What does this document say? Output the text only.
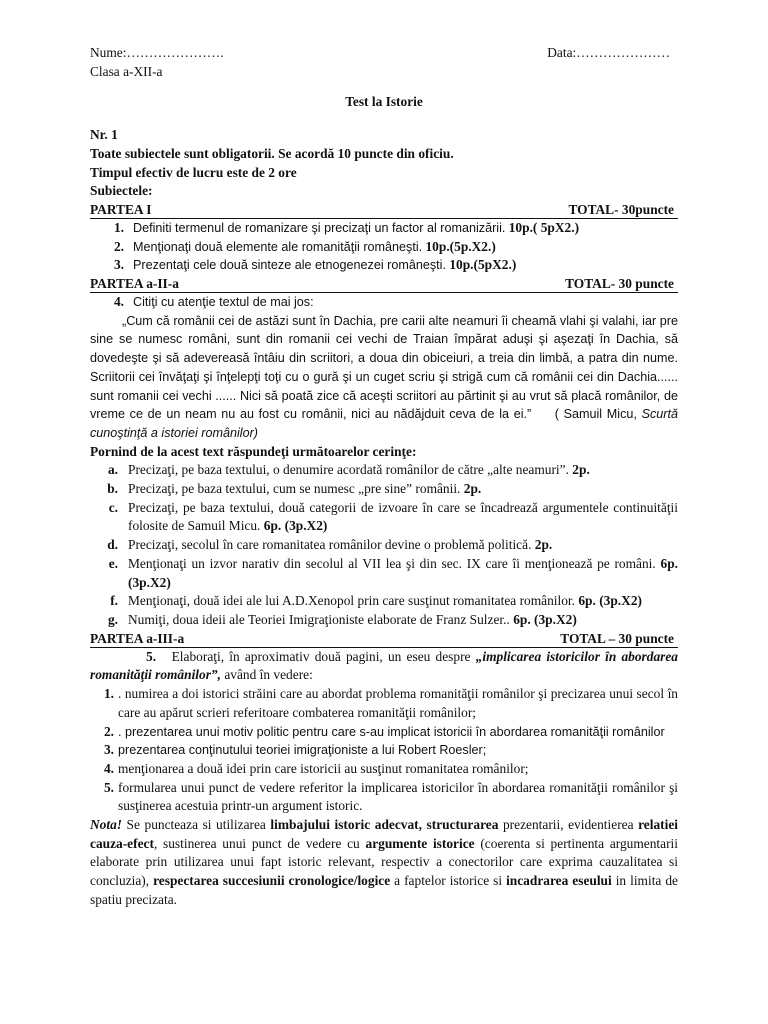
Nume:………………….	Data:…………………
Clasa a-XII-a
Test la Istorie
Nr. 1
Toate subiectele sunt obligatorii. Se acordă 10 puncte din oficiu.
Timpul efectiv de lucru este de 2 ore
Subiectele:
PARTEA I	TOTAL- 30puncte
1. Definiti termenul de romanizare şi precizaţi un factor al romanizării. 10p.( 5pX2.)
2. Menţionaţi două elemente ale romanităţii româneşti. 10p.(5p.X2.)
3. Prezentaţi cele două sinteze ale etnogenezei româneşti. 10p.(5pX2.)
PARTEA a-II-a	TOTAL- 30 puncte
4. Citiţi cu atenţie textul de mai jos:
„Cum că românii cei de astăzi sunt în Dachia, pre carii alte neamuri îi cheamă vlahi şi valahi, iar pre sine se numesc români, sunt din romanii cei vechi de Traian împărat aduşi şi aşezaţi în Dachia, să dovedeşte şi să adevereasă întâiu din scriitori, a doua din obiceiuri, a treia din limbă, a patra din nume. Scriitorii cei învăţaţi şi înţelepţi toţi cu o gură şi un cuget scriu şi strigă cum că românii cei din Dachia...... sunt romanii cei vechi ...... Nici să poată zice că aceşti scriitori au părtinit şi au vrut să placă românilor, de vreme ce de un neam nu au fost cu românii, nici au nădăjduit ceva de la ei.” ( Samuil Micu, Scurtă cunoştinţă a istoriei românilor)
Pornind de la acest text răspundeţi următoarelor cerinţe:
a. Precizaţi, pe baza textului, o denumire acordată românilor de către „alte neamuri”. 2p.
b. Precizaţi, pe baza textului, cum se numesc „pre sine” românii. 2p.
c. Precizaţi, pe baza textului, două categorii de izvoare în care se încadrează argumentele continuităţii folosite de Samuil Micu. 6p. (3p.X2)
d. Precizaţi, secolul în care romanitatea românilor devine o problemă politică. 2p.
e. Menţionaţi un izvor narativ din secolul al VII lea şi din sec. IX care îi menţionează pe români. 6p.(3p.X2)
f. Menţionaţi, două idei ale lui A.D.Xenopol prin care susţinut romanitatea românilor. 6p. (3p.X2)
g. Numiţi, doua ideii ale Teoriei Imigraţioniste elaborate de Franz Sulzer.. 6p. (3p.X2)
PARTEA a-III-a	TOTAL – 30 puncte
5. Elaboraţi, în aproximativ două pagini, un eseu despre „implicarea istoricilor în abordarea romanităţii românilor”, având în vedere:
1. . numirea a doi istorici străini care au abordat problema romanităţii românilor şi precizarea unui secol în care au apărut scrieri referitoare combaterea romanităţii românilor;
2. . prezentarea unui motiv politic pentru care s-au implicat istoricii în abordarea romanităţii românilor
3. prezentarea conţinutului teoriei imigraţioniste a lui Robert Roesler;
4. menţionarea a două idei prin care istoricii au susţinut romanitatea românilor;
5. formularea unui punct de vedere referitor la implicarea istoricilor în abordarea romanităţii românilor şi susţinerea acestuia printr-un argument istoric.
Nota! Se puncteaza si utilizarea limbajului istoric adecvat, structurarea prezentarii, evidentierea relatiei cauza-efect, sustinerea unui punct de vedere cu argumente istorice (coerenta si pertinenta argumentarii elaborate prin utilizarea unui fapt istoric relevant, respectiv a conectorilor care exprima cauzalitatea si concluzia), respectarea succesiunii cronologice/logice a faptelor istorice si incadrarea eseului in limita de spatiu precizata.
